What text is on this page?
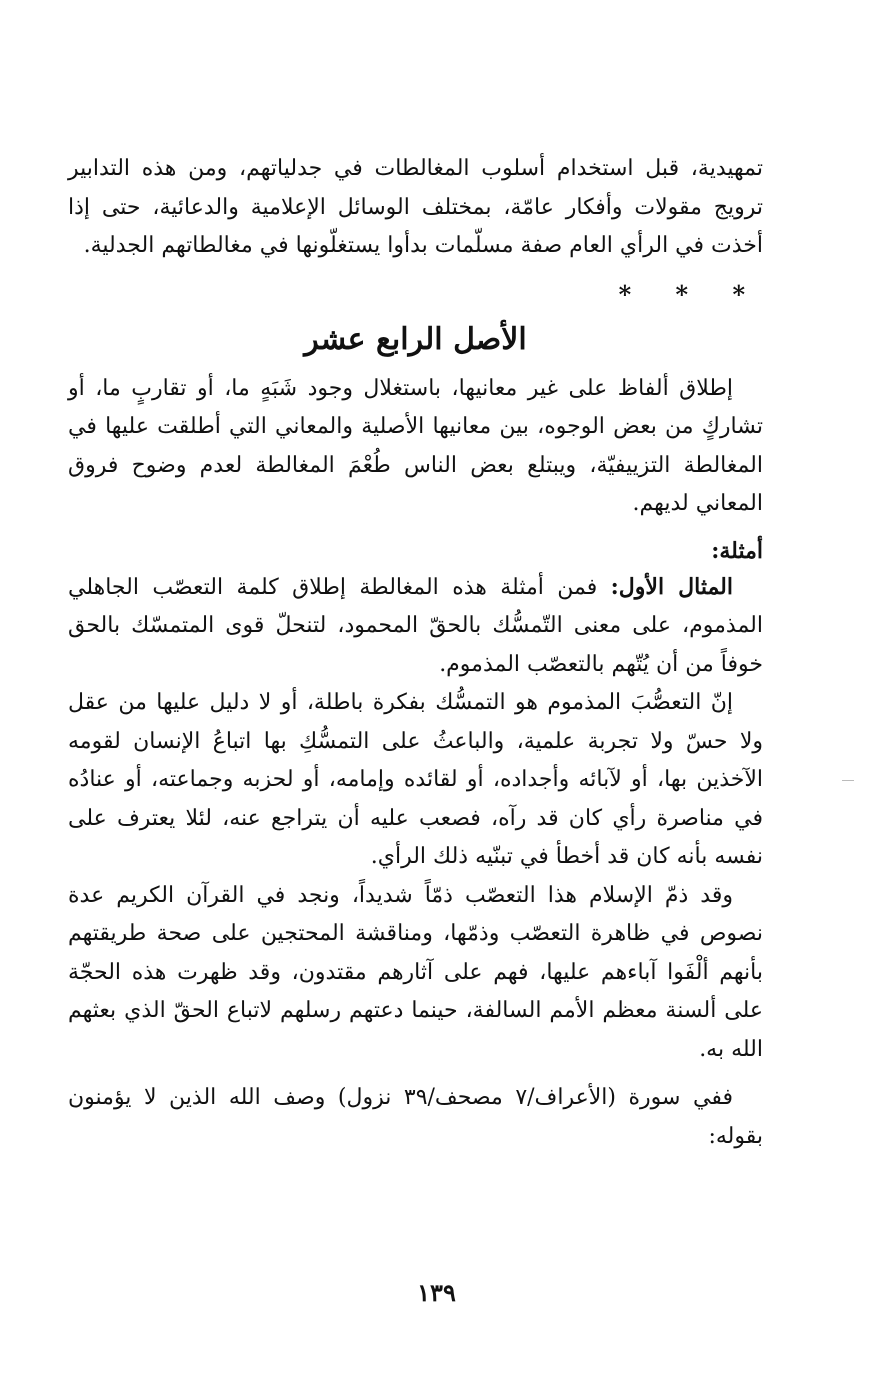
تمهيدية، قبل استخدام أسلوب المغالطات في جدلياتهم، ومن هذه التدابير ترويج مقولات وأفكار عامّة، بمختلف الوسائل الإعلامية والدعائية، حتى إذا أخذت في الرأي العام صفة مسلّمات بدأوا يستغلّونها في مغالطاتهم الجدلية.

* * *

الأصل الرابع عشر

إطلاق ألفاظ على غير معانيها، باستغلال وجود شَبَهٍ ما، أو تقاربٍ ما، أو تشاركٍ من بعض الوجوه، بين معانيها الأصلية والمعاني التي أطلقت عليها في المغالطة التزييفيّة، ويبتلع بعض الناس طُعْمَ المغالطة لعدم وضوح فروق المعاني لديهم.

أمثلة:

المثال الأول: فمن أمثلة هذه المغالطة إطلاق كلمة التعصّب الجاهلي المذموم، على معنى التّمسُّك بالحقّ المحمود، لتنحلّ قوى المتمسّك بالحق خوفاً من أن يُتّهم بالتعصّب المذموم.

إنّ التعصُّبَ المذموم هو التمسُّك بفكرة باطلة، أو لا دليل عليها من عقل ولا حسّ ولا تجربة علمية، والباعثُ على التمسُّكِ بها اتباعُ الإنسان لقومه الآخذين بها، أو لآبائه وأجداده، أو لقائده وإمامه، أو لحزبه وجماعته، أو عنادُه في مناصرة رأي كان قد رآه، فصعب عليه أن يتراجع عنه، لئلا يعترف على نفسه بأنه كان قد أخطأ في تبنّيه ذلك الرأي.

وقد ذمّ الإسلام هذا التعصّب ذمّاً شديداً، ونجد في القرآن الكريم عدة نصوص في ظاهرة التعصّب وذمّها، ومناقشة المحتجين على صحة طريقتهم بأنهم ألْفَوا آباءهم عليها، فهم على آثارهم مقتدون، وقد ظهرت هذه الحجّة على ألسنة معظم الأمم السالفة، حينما دعتهم رسلهم لاتباع الحقّ الذي بعثهم الله به.

ففي سورة (الأعراف/٧ مصحف/٣٩ نزول) وصف الله الذين لا يؤمنون بقوله:

١٣٩
